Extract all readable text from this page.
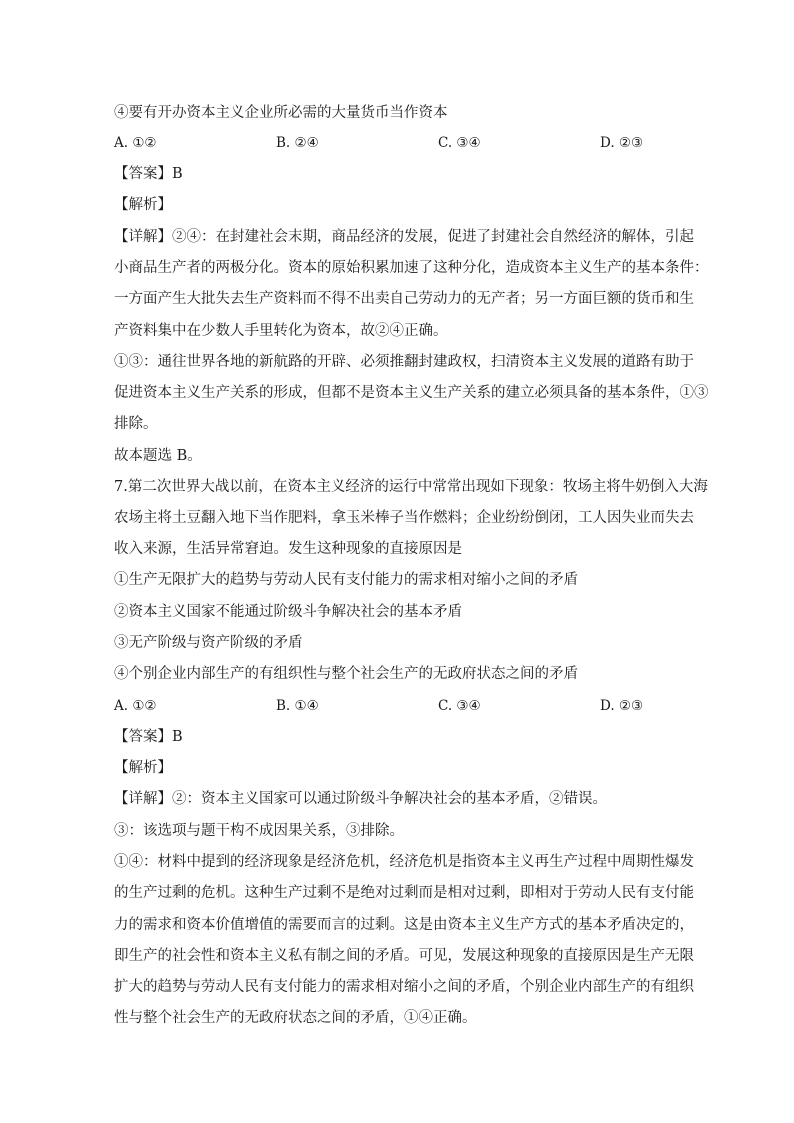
④要有开办资本主义企业所必需的大量货币当作资本
A. ①②	B. ②④	C. ③④	D. ②③
【答案】B
【解析】
【详解】②④：在封建社会末期，商品经济的发展，促进了封建社会自然经济的解体，引起
小商品生产者的两极分化。资本的原始积累加速了这种分化，造成资本主义生产的基本条件：
一方面产生大批失去生产资料而不得不出卖自己劳动力的无产者；另一方面巨额的货币和生
产资料集中在少数人手里转化为资本，故②④正确。
①③：通往世界各地的新航路的开辟、必须推翻封建政权，扫清资本主义发展的道路有助于
促进资本主义生产关系的形成，但都不是资本主义生产关系的建立必须具备的基本条件，①③
排除。
故本题选 B。
7.第二次世界大战以前，在资本主义经济的运行中常常出现如下现象：牧场主将牛奶倒入大海
农场主将土豆翻入地下当作肥料，拿玉米棒子当作燃料；企业纷纷倒闭，工人因失业而失去
收入来源，生活异常窘迫。发生这种现象的直接原因是
①生产无限扩大的趋势与劳动人民有支付能力的需求相对缩小之间的矛盾
②资本主义国家不能通过阶级斗争解决社会的基本矛盾
③无产阶级与资产阶级的矛盾
④个别企业内部生产的有组织性与整个社会生产的无政府状态之间的矛盾
A. ①②	B. ①④	C. ③④	D. ②③
【答案】B
【解析】
【详解】②：资本主义国家可以通过阶级斗争解决社会的基本矛盾，②错误。
③：该选项与题干构不成因果关系，③排除。
①④：材料中提到的经济现象是经济危机，经济危机是指资本主义再生产过程中周期性爆发
的生产过剩的危机。这种生产过剩不是绝对过剩而是相对过剩，即相对于劳动人民有支付能
力的需求和资本价值增值的需要而言的过剩。这是由资本主义生产方式的基本矛盾决定的，
即生产的社会性和资本主义私有制之间的矛盾。可见，发展这种现象的直接原因是生产无限
扩大的趋势与劳动人民有支付能力的需求相对缩小之间的矛盾，个别企业内部生产的有组织
性与整个社会生产的无政府状态之间的矛盾，①④正确。
